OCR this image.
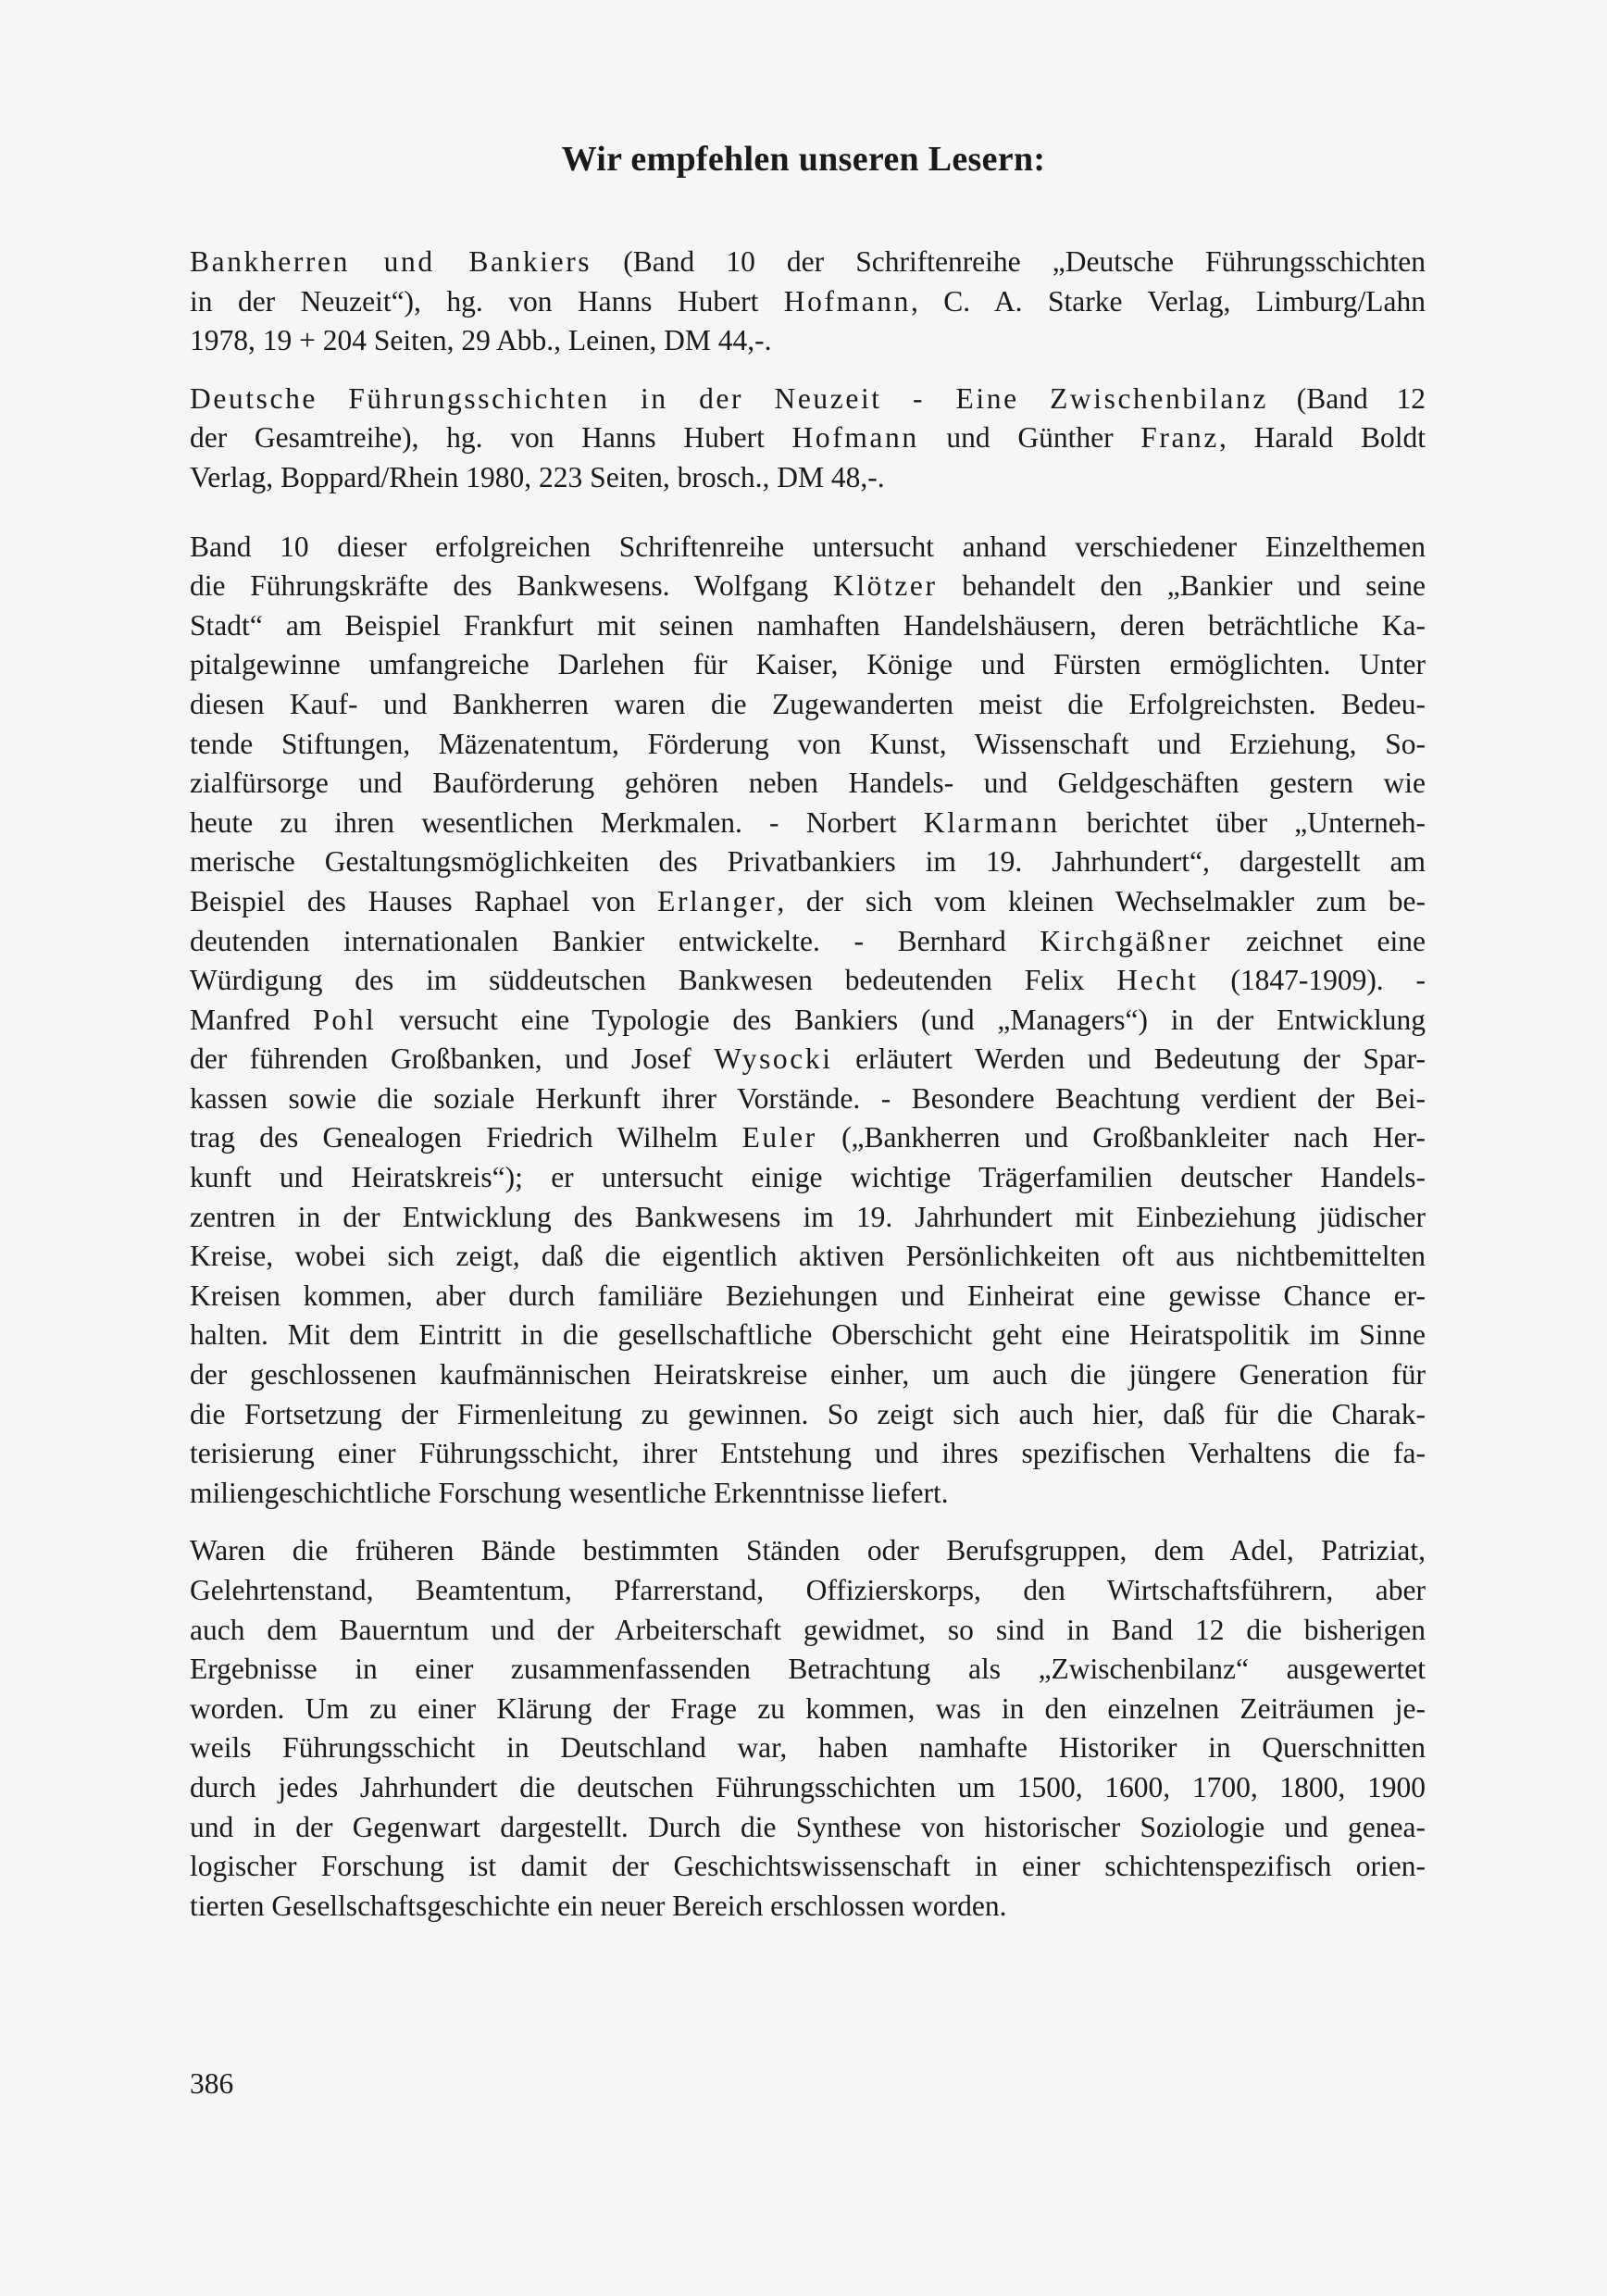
Wir empfehlen unseren Lesern:
Bankherren und Bankiers (Band 10 der Schriftenreihe „Deutsche Führungsschichten
in der Neuzeit“), hg. von Hanns Hubert Hofmann, C. A. Starke Verlag, Limburg/Lahn
1978, 19 + 204 Seiten, 29 Abb., Leinen, DM 44,-.
Deutsche Führungsschichten in der Neuzeit - Eine Zwischenbilanz (Band 12
der Gesamtreihe), hg. von Hanns Hubert Hofmann und Günther Franz, Harald Boldt
Verlag, Boppard/Rhein 1980, 223 Seiten, brosch., DM 48,-.
Band 10 dieser erfolgreichen Schriftenreihe untersucht anhand verschiedener Einzelthemen
die Führungskräfte des Bankwesens. Wolfgang Klötzer behandelt den „Bankier und seine
Stadt“ am Beispiel Frankfurt mit seinen namhaften Handelshäusern, deren beträchtliche Ka-
pitalgewinne umfangreiche Darlehen für Kaiser, Könige und Fürsten ermöglichten. Unter
diesen Kauf- und Bankherren waren die Zugewanderten meist die Erfolgreichsten. Bedeu-
tende Stiftungen, Mäzenatentum, Förderung von Kunst, Wissenschaft und Erziehung, So-
zialfürsorge und Bauförderung gehören neben Handels- und Geldgeschäften gestern wie
heute zu ihren wesentlichen Merkmalen. - Norbert Klarmann berichtet über „Unterneh-
merische Gestaltungsmöglichkeiten des Privatbankiers im 19. Jahrhundert“, dargestellt am
Beispiel des Hauses Raphael von Erlanger, der sich vom kleinen Wechselmakler zum be-
deutenden internationalen Bankier entwickelte. - Bernhard Kirchgäßner zeichnet eine
Würdigung des im süddeutschen Bankwesen bedeutenden Felix Hecht (1847-1909). -
Manfred Pohl versucht eine Typologie des Bankiers (und „Managers“) in der Entwicklung
der führenden Großbanken, und Josef Wysocki erläutert Werden und Bedeutung der Spar-
kassen sowie die soziale Herkunft ihrer Vorstände. - Besondere Beachtung verdient der Bei-
trag des Genealogen Friedrich Wilhelm Euler („Bankherren und Großbankleiter nach Her-
kunft und Heiratskreis“); er untersucht einige wichtige Trägerfamilien deutscher Handels-
zentren in der Entwicklung des Bankwesens im 19. Jahrhundert mit Einbeziehung jüdischer
Kreise, wobei sich zeigt, daß die eigentlich aktiven Persönlichkeiten oft aus nichtbemittelten
Kreisen kommen, aber durch familiäre Beziehungen und Einheirat eine gewisse Chance er-
halten. Mit dem Eintritt in die gesellschaftliche Oberschicht geht eine Heiratspolitik im Sinne
der geschlossenen kaufmännischen Heiratskreise einher, um auch die jüngere Generation für
die Fortsetzung der Firmenleitung zu gewinnen. So zeigt sich auch hier, daß für die Charak-
terisierung einer Führungsschicht, ihrer Entstehung und ihres spezifischen Verhaltens die fa-
miliengeschichtliche Forschung wesentliche Erkenntnisse liefert.
Waren die früheren Bände bestimmten Ständen oder Berufsgruppen, dem Adel, Patriziat,
Gelehrtenstand, Beamtentum, Pfarrerstand, Offizierskorps, den Wirtschaftsführern, aber
auch dem Bauerntum und der Arbeiterschaft gewidmet, so sind in Band 12 die bisherigen
Ergebnisse in einer zusammenfassenden Betrachtung als „Zwischenbilanz“ ausgewertet
worden. Um zu einer Klärung der Frage zu kommen, was in den einzelnen Zeiträumen je-
weils Führungsschicht in Deutschland war, haben namhafte Historiker in Querschnitten
durch jedes Jahrhundert die deutschen Führungsschichten um 1500, 1600, 1700, 1800, 1900
und in der Gegenwart dargestellt. Durch die Synthese von historischer Soziologie und genea-
logischer Forschung ist damit der Geschichtswissenschaft in einer schichtenspezifisch orien-
tierten Gesellschaftsgeschichte ein neuer Bereich erschlossen worden.
386
